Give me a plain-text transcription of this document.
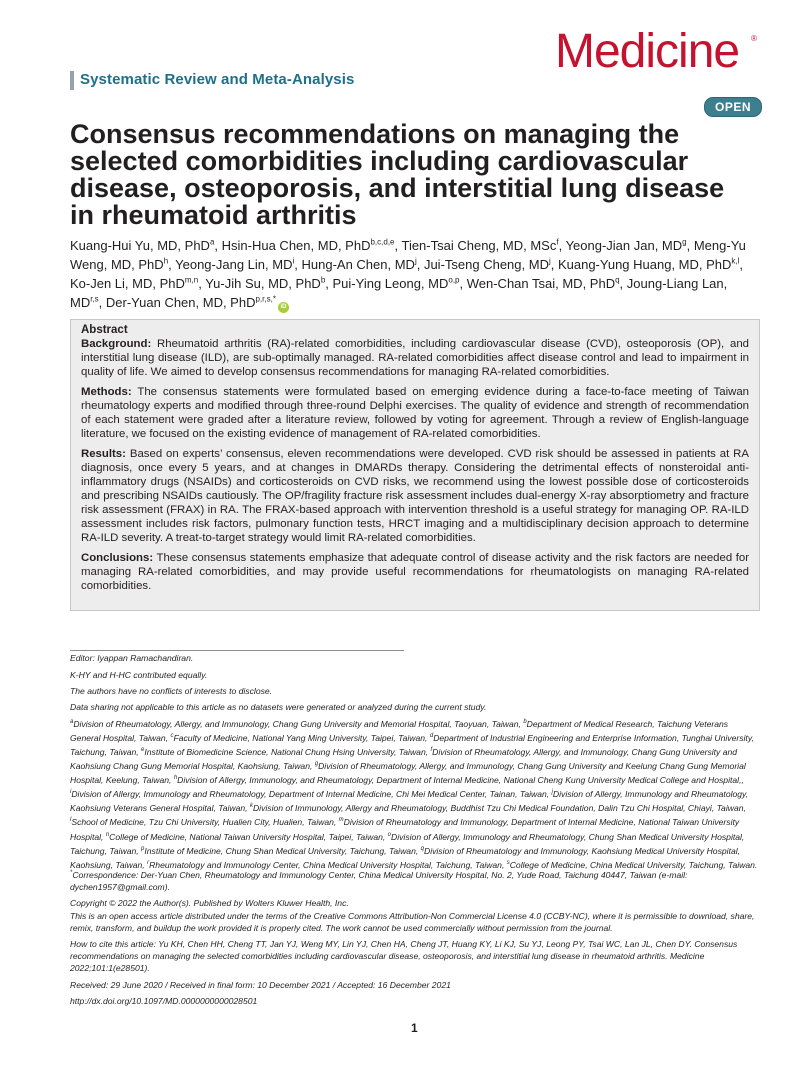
Systematic Review and Meta-Analysis
Medicine ®
OPEN
Consensus recommendations on managing the selected comorbidities including cardiovascular disease, osteoporosis, and interstitial lung disease in rheumatoid arthritis

Kuang-Hui Yu, MD, PhD$^a$, Hsin-Hua Chen, MD, PhD$^{b,c,d,e}$, Tien-Tsai Cheng, MD, MSc$^f$, Yeong-Jian Jan, $MD^g$, Meng-Yu Weng, MD, PhD$^h$, Yeong-Jang Lin, $MD^i$, Hung-An Chen, $MD^j$, Jui-Tseng Cheng, $MD^j$, Kuang-Yung Huang, MD, PhD$^{k,l}$, Ko-Jen Li, MD, PhD$^{m,n}$, Yu-Jih Su, MD, PhD$^b$, Pui-Ying Leong, MD$^{o,p}$, Wen-Chan Tsai, MD, PhD$^q$, Joung-Liang Lan, MD$^{r,s}$, Der-Yuan Chen, MD, PhD$^{p,r,s,*}$iD

Abstract

Background: Rheumatoid arthritis (RA)-related comorbidities, including cardiovascular disease (CVD), osteoporosis (OP), and interstitial lung disease (ILD), are sub-optimally managed. RA-related comorbidities affect disease control and lead to impairment in quality of life. We aimed to develop consensus recommendations for managing RA-related comorbidities.

Methods: The consensus statements were formulated based on emerging evidence during a face-to-face meeting of Taiwan rheumatology experts and modified through three-round Delphi exercises. The quality of evidence and strength of recommendation of each statement were graded after a literature review, followed by voting for agreement. Through a review of English-language literature, we focused on the existing evidence of management of RA-related comorbidities.

Results: Based on experts’ consensus, eleven recommendations were developed. CVD risk should be assessed in patients at RA diagnosis, once every 5 years, and at changes in DMARDs therapy. Considering the detrimental effects of nonsteroidal anti-inflammatory drugs (NSAIDs) and corticosteroids on CVD risks, we recommend using the lowest possible dose of corticosteroids and prescribing NSAIDs cautiously. The OP/fragility fracture risk assessment includes dual-energy X-ray absorptiometry and fracture risk assessment (FRAX) in RA. The FRAX-based approach with intervention threshold is a useful strategy for managing OP. RA-ILD assessment includes risk factors, pulmonary function tests, HRCT imaging and a multidisciplinary decision approach to determine RA-ILD severity. A treat-to-target strategy would limit RA-related comorbidities.

Conclusions: These consensus statements emphasize that adequate control of disease activity and the risk factors are needed for managing RA-related comorbidities, and may provide useful recommendations for rheumatologists on managing RA-related comorbidities.

Editor: Iyappan Ramachandiran.

K-HY and H-HC contributed equally.

The authors have no conflicts of interests to disclose.

Data sharing not applicable to this article as no datasets were generated or analyzed during the current study.

$^a$Division of Rheumatology, Allergy, and Immunology, Chang Gung University and Memorial Hospital, Taoyuan, Taiwan, $^b$Department of Medical Research, Taichung Veterans General Hospital, Taiwan, $^c$Faculty of Medicine, National Yang Ming University, Taipei, Taiwan, $^d$Department of Industrial Engineering and Enterprise Information, Tunghai University, Taichung, Taiwan, $^e$Institute of Biomedicine Science, National Chung Hsing University, Taiwan, $^f$Division of Rheumatology, Allergy, and Immunology, Chang Gung University and Kaohsiung Chang Gung Memorial Hospital, Kaohsiung, Taiwan, $^g$Division of Rheumatology, Allergy, and Immunology, Chang Gung University and Keelung Chang Gung Memorial Hospital, Keelung, Taiwan, $^h$Division of Allergy, Immunology, and Rheumatology, Department of Internal Medicine, National Cheng Kung University Medical College and Hospital,, $^i$Division of Allergy, Immunology and Rheumatology, Department of Internal Medicine, Chi Mei Medical Center, Tainan, Taiwan, $^j$Division of Allergy, Immunology and Rheumatology, Kaohsiung Veterans General Hospital, Taiwan, $^k$Division of Immunology, Allergy and Rheumatology, Buddhist Tzu Chi Medical Foundation, Dalin Tzu Chi Hospital, Chiayi, Taiwan, $^l$School of Medicine, Tzu Chi University, Hualien City, Hualien, Taiwan, $^m$Division of Rheumatology and Immunology, Department of Internal Medicine, National Taiwan University Hospital, $^n$College of Medicine, National Taiwan University Hospital, Taipei, Taiwan, $^o$Division of Allergy, Immunology and Rheumatology, Chung Shan Medical University Hospital, Taichung, Taiwan, $^p$Institute of Medicine, Chung Shan Medical University, Taichung, Taiwan, $^q$Division of Rheumatology and Immunology, Kaohsiung Medical University Hospital, Kaohsiung, Taiwan, $^r$Rheumatology and Immunology Center, China Medical University Hospital, Taichung, Taiwan, $^s$College of Medicine, China Medical University, Taichung, Taiwan.

*Correspondence: Der-Yuan Chen, Rheumatology and Immunology Center, China Medical University Hospital, No. 2, Yude Road, Taichung 40447, Taiwan (e-mail: dychen1957@gmail.com).

Copyright © 2022 the Author(s). Published by Wolters Kluwer Health, Inc.

This is an open access article distributed under the terms of the Creative Commons Attribution-Non Commercial License 4.0 (CCBY-NC), where it is permissible to download, share, remix, transform, and buildup the work provided it is properly cited. The work cannot be used commercially without permission from the journal.

How to cite this article: Yu KH, Chen HH, Cheng TT, Jan YJ, Weng MY, Lin YJ, Chen HA, Cheng JT, Huang KY, Li KJ, Su YJ, Leong PY, Tsai WC, Lan JL, Chen DY. Consensus recommendations on managing the selected comorbidities including cardiovascular disease, osteoporosis, and interstitial lung disease in rheumatoid arthritis. Medicine 2022;101:1(e28501).

Received: 29 June 2020 / Received in final form: 10 December 2021 / Accepted: 16 December 2021

http://dx.doi.org/10.1097/MD.0000000000028501

1
